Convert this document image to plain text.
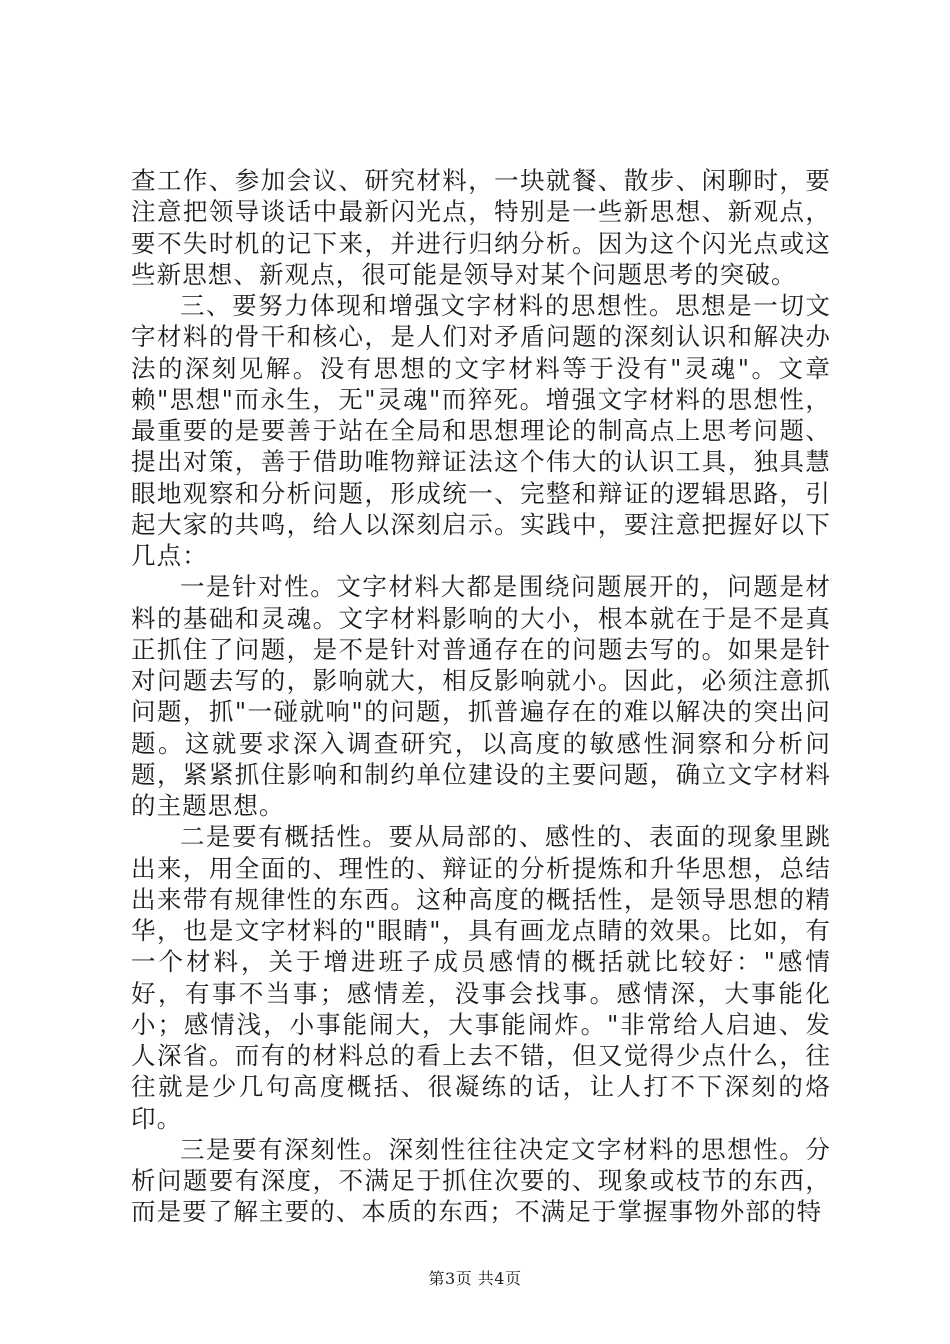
查工作、参加会议、研究材料，一块就餐、散步、闲聊时，要注意把领导谈话中最新闪光点，特别是一些新思想、新观点，要不失时机的记下来，并进行归纳分析。因为这个闪光点或这些新思想、新观点，很可能是领导对某个问题思考的突破。

三、要努力体现和增强文字材料的思想性。思想是一切文字材料的骨干和核心，是人们对矛盾问题的深刻认识和解决办法的深刻见解。没有思想的文字材料等于没有"灵魂"。文章赖"思想"而永生，无"灵魂"而猝死。增强文字材料的思想性，最重要的是要善于站在全局和思想理论的制高点上思考问题、提出对策，善于借助唯物辩证法这个伟大的认识工具，独具慧眼地观察和分析问题，形成统一、完整和辩证的逻辑思路，引起大家的共鸣，给人以深刻启示。实践中，要注意把握好以下几点：

一是针对性。文字材料大都是围绕问题展开的，问题是材料的基础和灵魂。文字材料影响的大小，根本就在于是不是真正抓住了问题，是不是针对普通存在的问题去写的。如果是针对问题去写的，影响就大，相反影响就小。因此，必须注意抓问题，抓"一碰就响"的问题，抓普遍存在的难以解决的突出问题。这就要求深入调查研究，以高度的敏感性洞察和分析问题，紧紧抓住影响和制约单位建设的主要问题，确立文字材料的主题思想。

二是要有概括性。要从局部的、感性的、表面的现象里跳出来，用全面的、理性的、辩证的分析提炼和升华思想，总结出来带有规律性的东西。这种高度的概括性，是领导思想的精华，也是文字材料的"眼睛"，具有画龙点睛的效果。比如，有一个材料，关于增进班子成员感情的概括就比较好："感情好，有事不当事；感情差，没事会找事。感情深，大事能化小；感情浅，小事能闹大，大事能闹炸。"非常给人启迪、发人深省。而有的材料总的看上去不错，但又觉得少点什么，往往就是少几句高度概括、很凝练的话，让人打不下深刻的烙印。

三是要有深刻性。深刻性往往决定文字材料的思想性。分析问题要有深度，不满足于抓住次要的、现象或枝节的东西，而是要了解主要的、本质的东西；不满足于掌握事物外部的特

第3页 共4页
